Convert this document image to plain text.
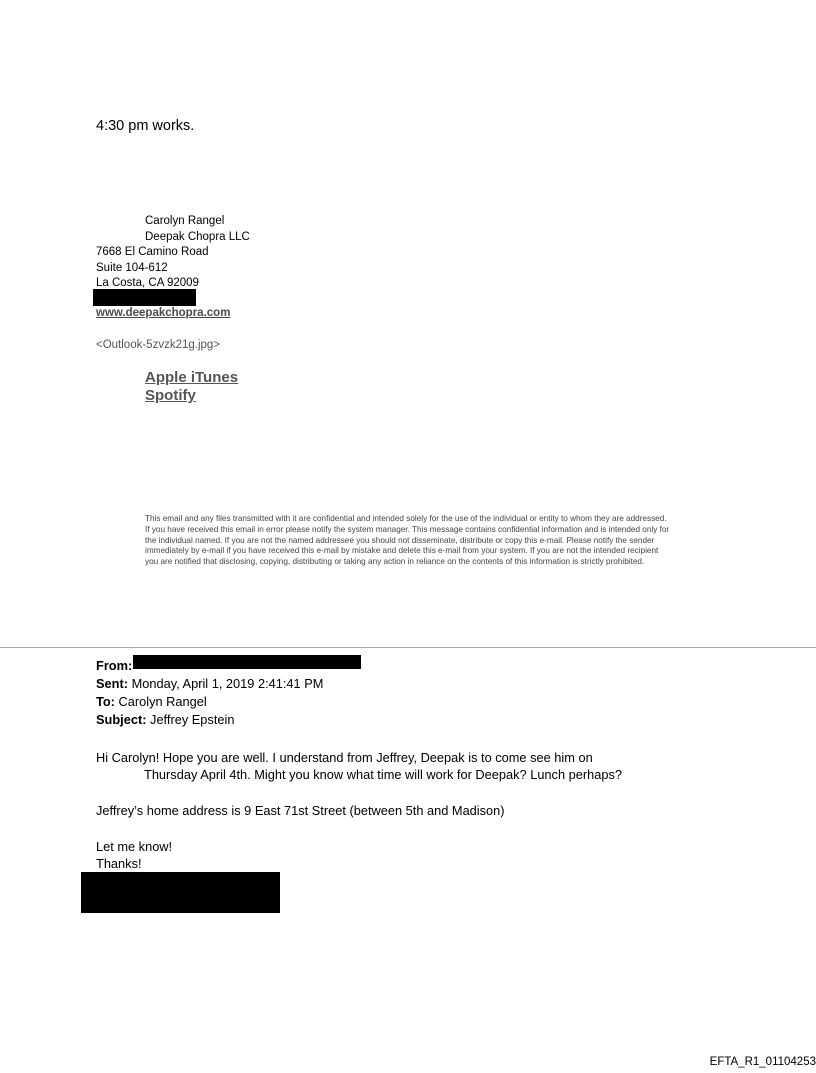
4:30 pm works.
Carolyn Rangel
Deepak Chopra LLC
7668 El Camino Road
Suite 104-612
La Costa, CA 92009
www.deepakchopra.com
<Outlook-5zvzk21g.jpg>
Apple iTunes
Spotify
This email and any files transmitted with it are confidential and intended solely for the use of the individual or entity to whom they are addressed. If you have received this email in error please notify the system manager. This message contains confidential information and is intended only for the individual named. If you are not the named addressee you should not disseminate, distribute or copy this e-mail. Please notify the sender immediately by e-mail if you have received this e-mail by mistake and delete this e-mail from your system. If you are not the intended recipient you are notified that disclosing, copying, distributing or taking any action in reliance on the contents of this information is strictly prohibited.
From:
Sent: Monday, April 1, 2019 2:41:41 PM
To: Carolyn Rangel
Subject: Jeffrey Epstein
Hi Carolyn! Hope you are well. I understand from Jeffrey, Deepak is to come see him on
Thursday April 4th. Might you know what time will work for Deepak? Lunch perhaps?
Jeffrey’s home address is 9 East 71st Street (between 5th and Madison)
Let me know!
Thanks!
EFTA_R1_01104253
